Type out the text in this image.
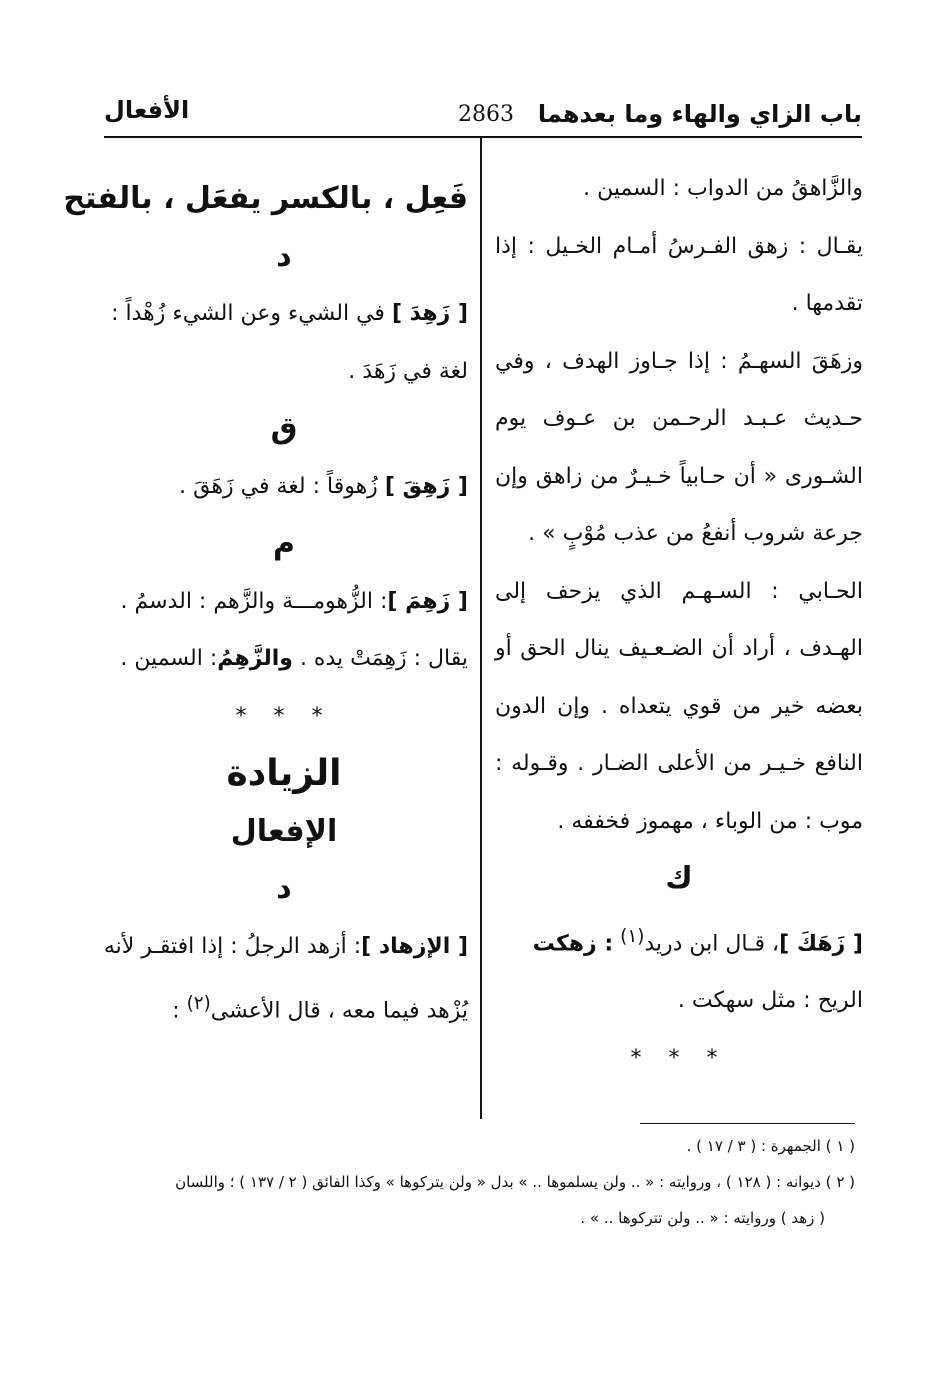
باب الزاي والهاء وما بعدهما
2863
الأفعال

والزَّاهقُ من الدواب : السمين .

يقـال : زهق الفـرسُ أمـام الخـيل : إذا

تقدمها .

وزهَقَ السهـمُ : إذا جـاوز الهدف ، وفي

حـديث عـبـد الرحـمن بن عـوف يوم

الشـورى « أن حـابياً خـيـرٌ من زاهق وإن

جرعة شروب أنفعُ من عذب مُوْبٍ » .

الحـابي : السـهـم الذي يزحف إلى

الهـدف ، أراد أن الضـعـيف ينال الحق أو

بعضه خير من قوي يتعداه . وإن الدون

النافع خـيـر من الأعلى الضـار . وقـوله :

موب : من الوباء ، مهموز فخففه .

ك

[ زَهَكَ ]، قـال ابن دريد$^{(١)}$ : زهكت

الريح : مثل سهكت .

* * *

فَعِل ، بالكسر يفعَل ، بالفتح

د

[ زَهِدَ ] في الشيء وعن الشيء زُهْداً :

لغة في زَهَدَ .

ق

[ زَهِقَ ] زُهوقاً : لغة في زَهَقَ .

م

[ زَهِمَ ]: الزُّهومـــة والزَّهم : الدسمُ .

يقال : زَهِمَتْ يده . والزَّهِمُ: السمين .

* * *

الزيادة

الإفعال

د

[ الإزهاد ]: أزهد الرجلُ : إذا افتقـر لأنه

يُزْهد فيما معه ، قال الأعشى$^{(٢)}$ :

( ١ ) الجمهرة : ( ٣ / ١٧ ) .

( ٢ ) ديوانه : ( ١٢٨ ) ، وروايته : « .. ولن يسلموها .. » بدل « ولن يتركوها » وكذا الفائق ( ٢ / ١٣٧ ) ؛ واللسان

( زهد ) وروايته : « .. ولن تتركوها .. » .
